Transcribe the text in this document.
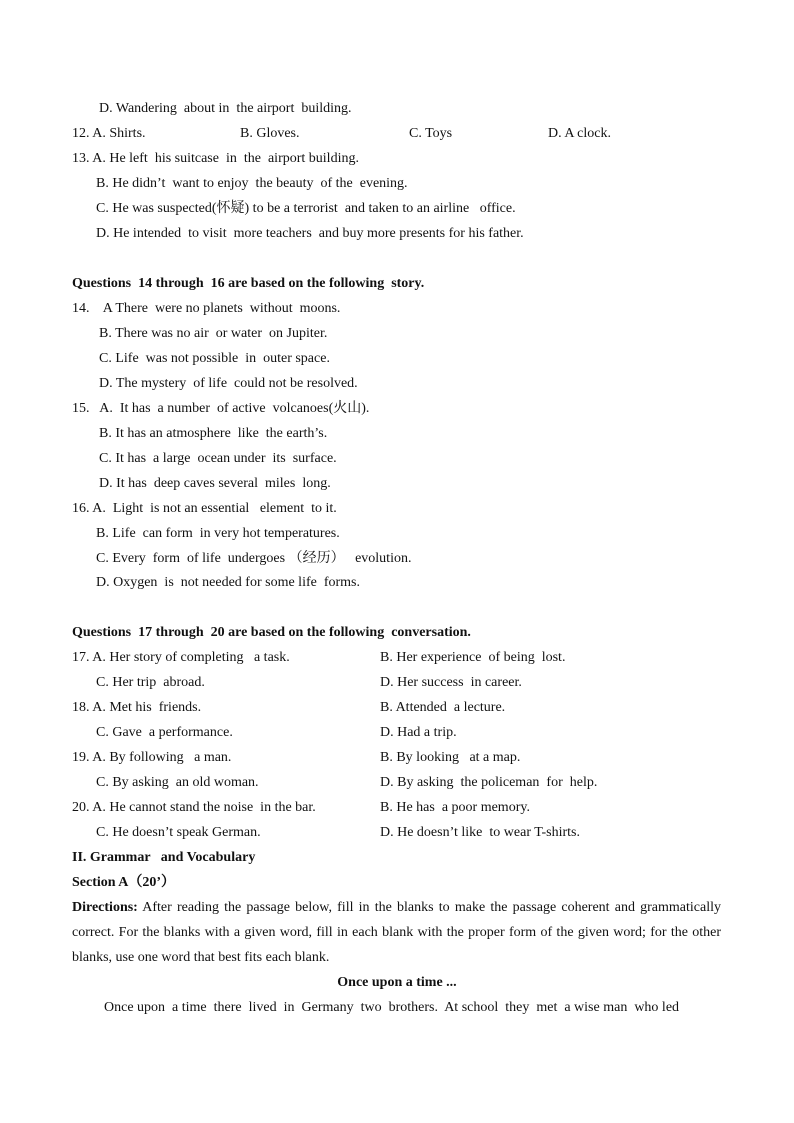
D. Wandering  about in  the airport  building.
12. A. Shirts.	B. Gloves.	C. Toys	D. A clock.
13. A. He left  his suitcase  in  the  airport building.
B. He didn’t  want to enjoy  the beauty  of the  evening.
C. He was suspected(怀疑) to be a terrorist  and taken to an airline   office.
D. He intended  to visit  more teachers  and buy more presents for his father.
Questions  14 through  16 are based on the following  story.
14.    A There  were no planets  without  moons.
B. There was no air  or water  on Jupiter.
C. Life  was not possible  in  outer space.
D. The mystery  of life  could not be resolved.
15.   A.  It has  a number  of active  volcanoes(火山).
B. It has an atmosphere  like  the earth’s.
C. It has  a large  ocean under  its  surface.
D. It has  deep caves several  miles  long.
16. A.  Light  is not an essential   element  to it.
B. Life  can form  in very hot temperatures.
C. Every  form  of life  undergoes （经历）   evolution.
D. Oxygen  is  not needed for some life  forms.
Questions  17 through  20 are based on the following  conversation.
17. A. Her story of completing   a task.	B. Her experience  of being  lost.
C. Her trip  abroad.	D. Her success  in career.
18. A. Met his  friends.	B. Attended  a lecture.
C. Gave  a performance.	D. Had a trip.
19. A. By following   a man.	B. By looking   at a map.
C. By asking  an old woman.	D. By asking  the policeman  for  help.
20. A. He cannot stand the noise  in the bar.	B. He has  a poor memory.
C. He doesn’t speak German.	D. He doesn’t like  to wear T-shirts.
II. Grammar   and Vocabulary
Section A（20’）
Directions: After reading the passage below, fill in the blanks to make the passage coherent and grammatically correct. For the blanks with a given word, fill in each blank with the proper form of the given word; for the other blanks, use one word that best fits each blank.
Once upon a time ...
Once upon  a time  there  lived  in  Germany  two  brothers.  At school  they  met  a wise man  who led
